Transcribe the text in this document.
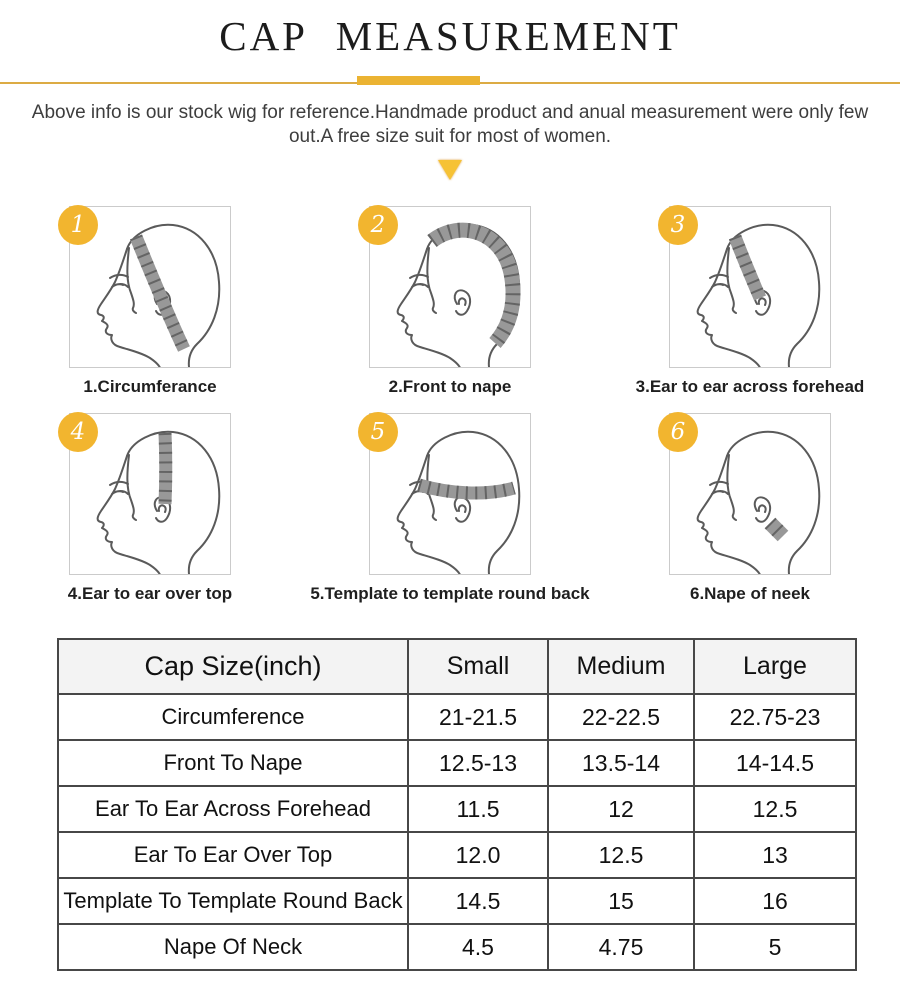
CAP MEASUREMENT

Above info is our stock wig for reference.Handmade product and anual measurement were only few out.A free size suit for most of women.

1
1.Circumferance
2
2.Front to nape
3
3.Ear to ear across forehead
4
4.Ear to ear over top
5
5.Template to template round back
6
6.Nape of neek
Cap Size(inch)	Small	Medium	Large
Circumference	21-21.5	22-22.5	22.75-23
Front To Nape	12.5-13	13.5-14	14-14.5
Ear To Ear Across Forehead	11.5	12	12.5
Ear To Ear Over Top	12.0	12.5	13
Template To Template Round Back	14.5	15	16
Nape Of Neck	4.5	4.75	5
